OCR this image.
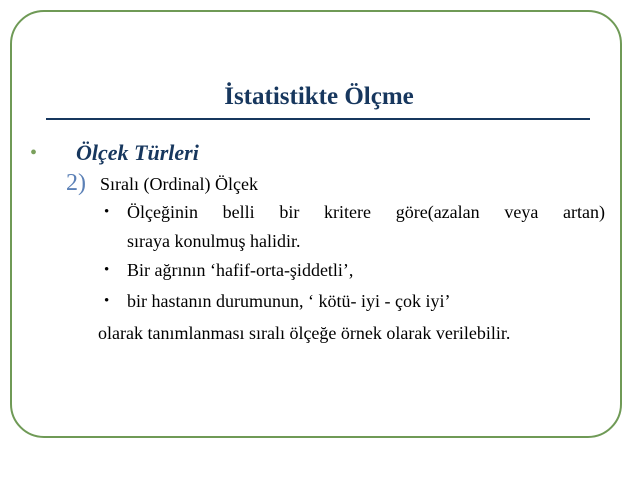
İstatistikte Ölçme
•	Ölçek Türleri
2) Sıralı (Ordinal) Ölçek
• Ölçeğinin belli bir kritere göre(azalan veya artan)
sıraya konulmuş halidir.
• Bir ağrının ‘hafif-orta-şiddetli’,
• bir hastanın durumunun, ‘ kötü- iyi - çok iyi’
olarak tanımlanması sıralı ölçeğe örnek olarak verilebilir.
